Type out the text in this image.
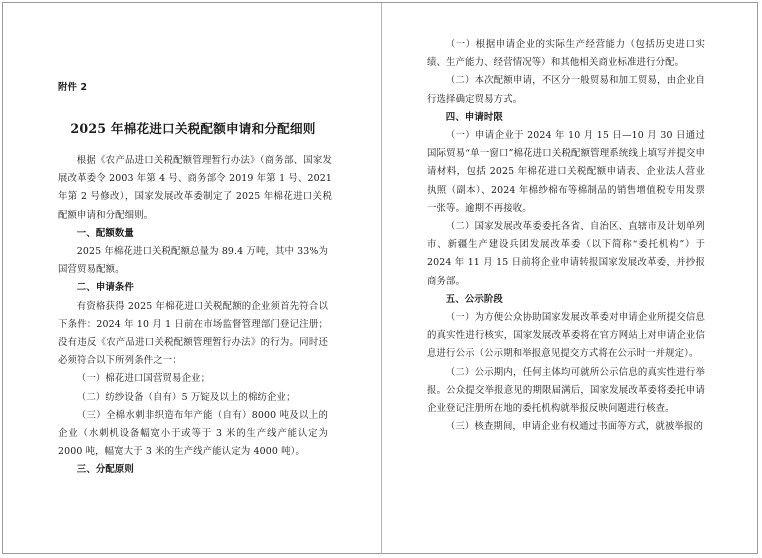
附件 2
2025 年棉花进口关税配额申请和分配细则

根据《农产品进口关税配额管理暂行办法》（商务部、国家发展改革委令 2003 年第 4 号、商务部令 2019 年第 1 号、2021 年第 2 号修改），国家发展改革委制定了 2025 年棉花进口关税配额申请和分配细则。

一、配额数量

2025 年棉花进口关税配额总量为 89.4 万吨，其中 33%为国营贸易配额。

二、申请条件

有资格获得 2025 年棉花进口关税配额的企业须首先符合以下条件：2024 年 10 月 1 日前在市场监督管理部门登记注册；没有违反《农产品进口关税配额管理暂行办法》的行为。同时还必须符合以下所列条件之一：

（一）棉花进口国营贸易企业；

（二）纺纱设备（自有）5 万锭及以上的棉纺企业；

（三）全棉水刺非织造布年产能（自有）8000 吨及以上的企业（水刺机设备幅宽小于或等于 3 米的生产线产能认定为 2000 吨，幅宽大于 3 米的生产线产能认定为 4000 吨）。

三、分配原则

（一）根据申请企业的实际生产经营能力（包括历史进口实绩、生产能力、经营情况等）和其他相关商业标准进行分配。

（二）本次配额申请，不区分一般贸易和加工贸易，由企业自行选择确定贸易方式。

四、申请时限

（一）申请企业于 2024 年 10 月 15 日—10 月 30 日通过国际贸易“单一窗口”棉花进口关税配额管理系统线上填写并提交申请材料，包括 2025 年棉花进口关税配额申请表、企业法人营业执照（副本）、2024 年棉纱棉布等棉制品的销售增值税专用发票一张等。逾期不再接收。

（二）国家发展改革委委托各省、自治区、直辖市及计划单列市、新疆生产建设兵团发展改革委（以下简称“委托机构”）于 2024 年 11 月 15 日前将企业申请转报国家发展改革委，并抄报商务部。

五、公示阶段

（一）为方便公众协助国家发展改革委对申请企业所提交信息的真实性进行核实，国家发展改革委将在官方网站上对申请企业信息进行公示（公示期和举报意见提交方式将在公示时一并规定）。

（二）公示期内，任何主体均可就所公示信息的真实性进行举报。公众提交举报意见的期限届满后，国家发展改革委将委托申请企业登记注册所在地的委托机构就举报反映问题进行核查。

（三）核查期间，申请企业有权通过书面等方式，就被举报的
